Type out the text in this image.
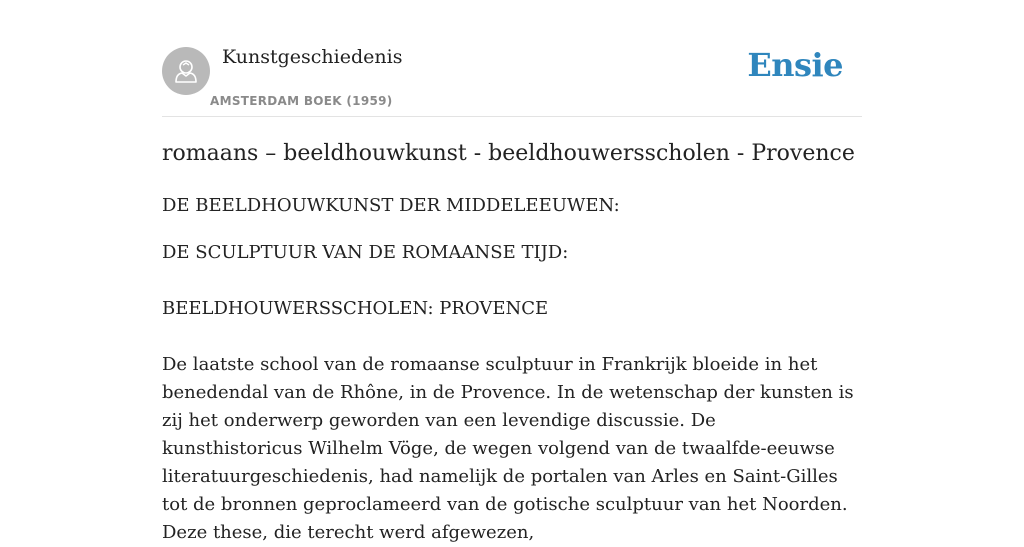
Kunstgeschiedenis
AMSTERDAM BOEK (1959)
Ensie
romaans – beeldhouwkunst - beeldhouwersscholen - Provence

DE BEELDHOUWKUNST DER MIDDELEEUWEN:

DE SCULPTUUR VAN DE ROMAANSE TIJD:

BEELDHOUWERSSCHOLEN: PROVENCE

De laatste school van de romaanse sculptuur in Frankrijk bloeide in het benedendal van de Rhône, in de Provence. In de wetenschap der kunsten is zij het onderwerp geworden van een levendige discussie. De kunsthistoricus Wilhelm Vöge, de wegen volgend van de twaalfde-eeuwse literatuurgeschiedenis, had namelijk de portalen van Arles en Saint-Gilles tot de bronnen geproclameerd van de gotische sculptuur van het Noorden. Deze these, die terecht werd afgewezen,
